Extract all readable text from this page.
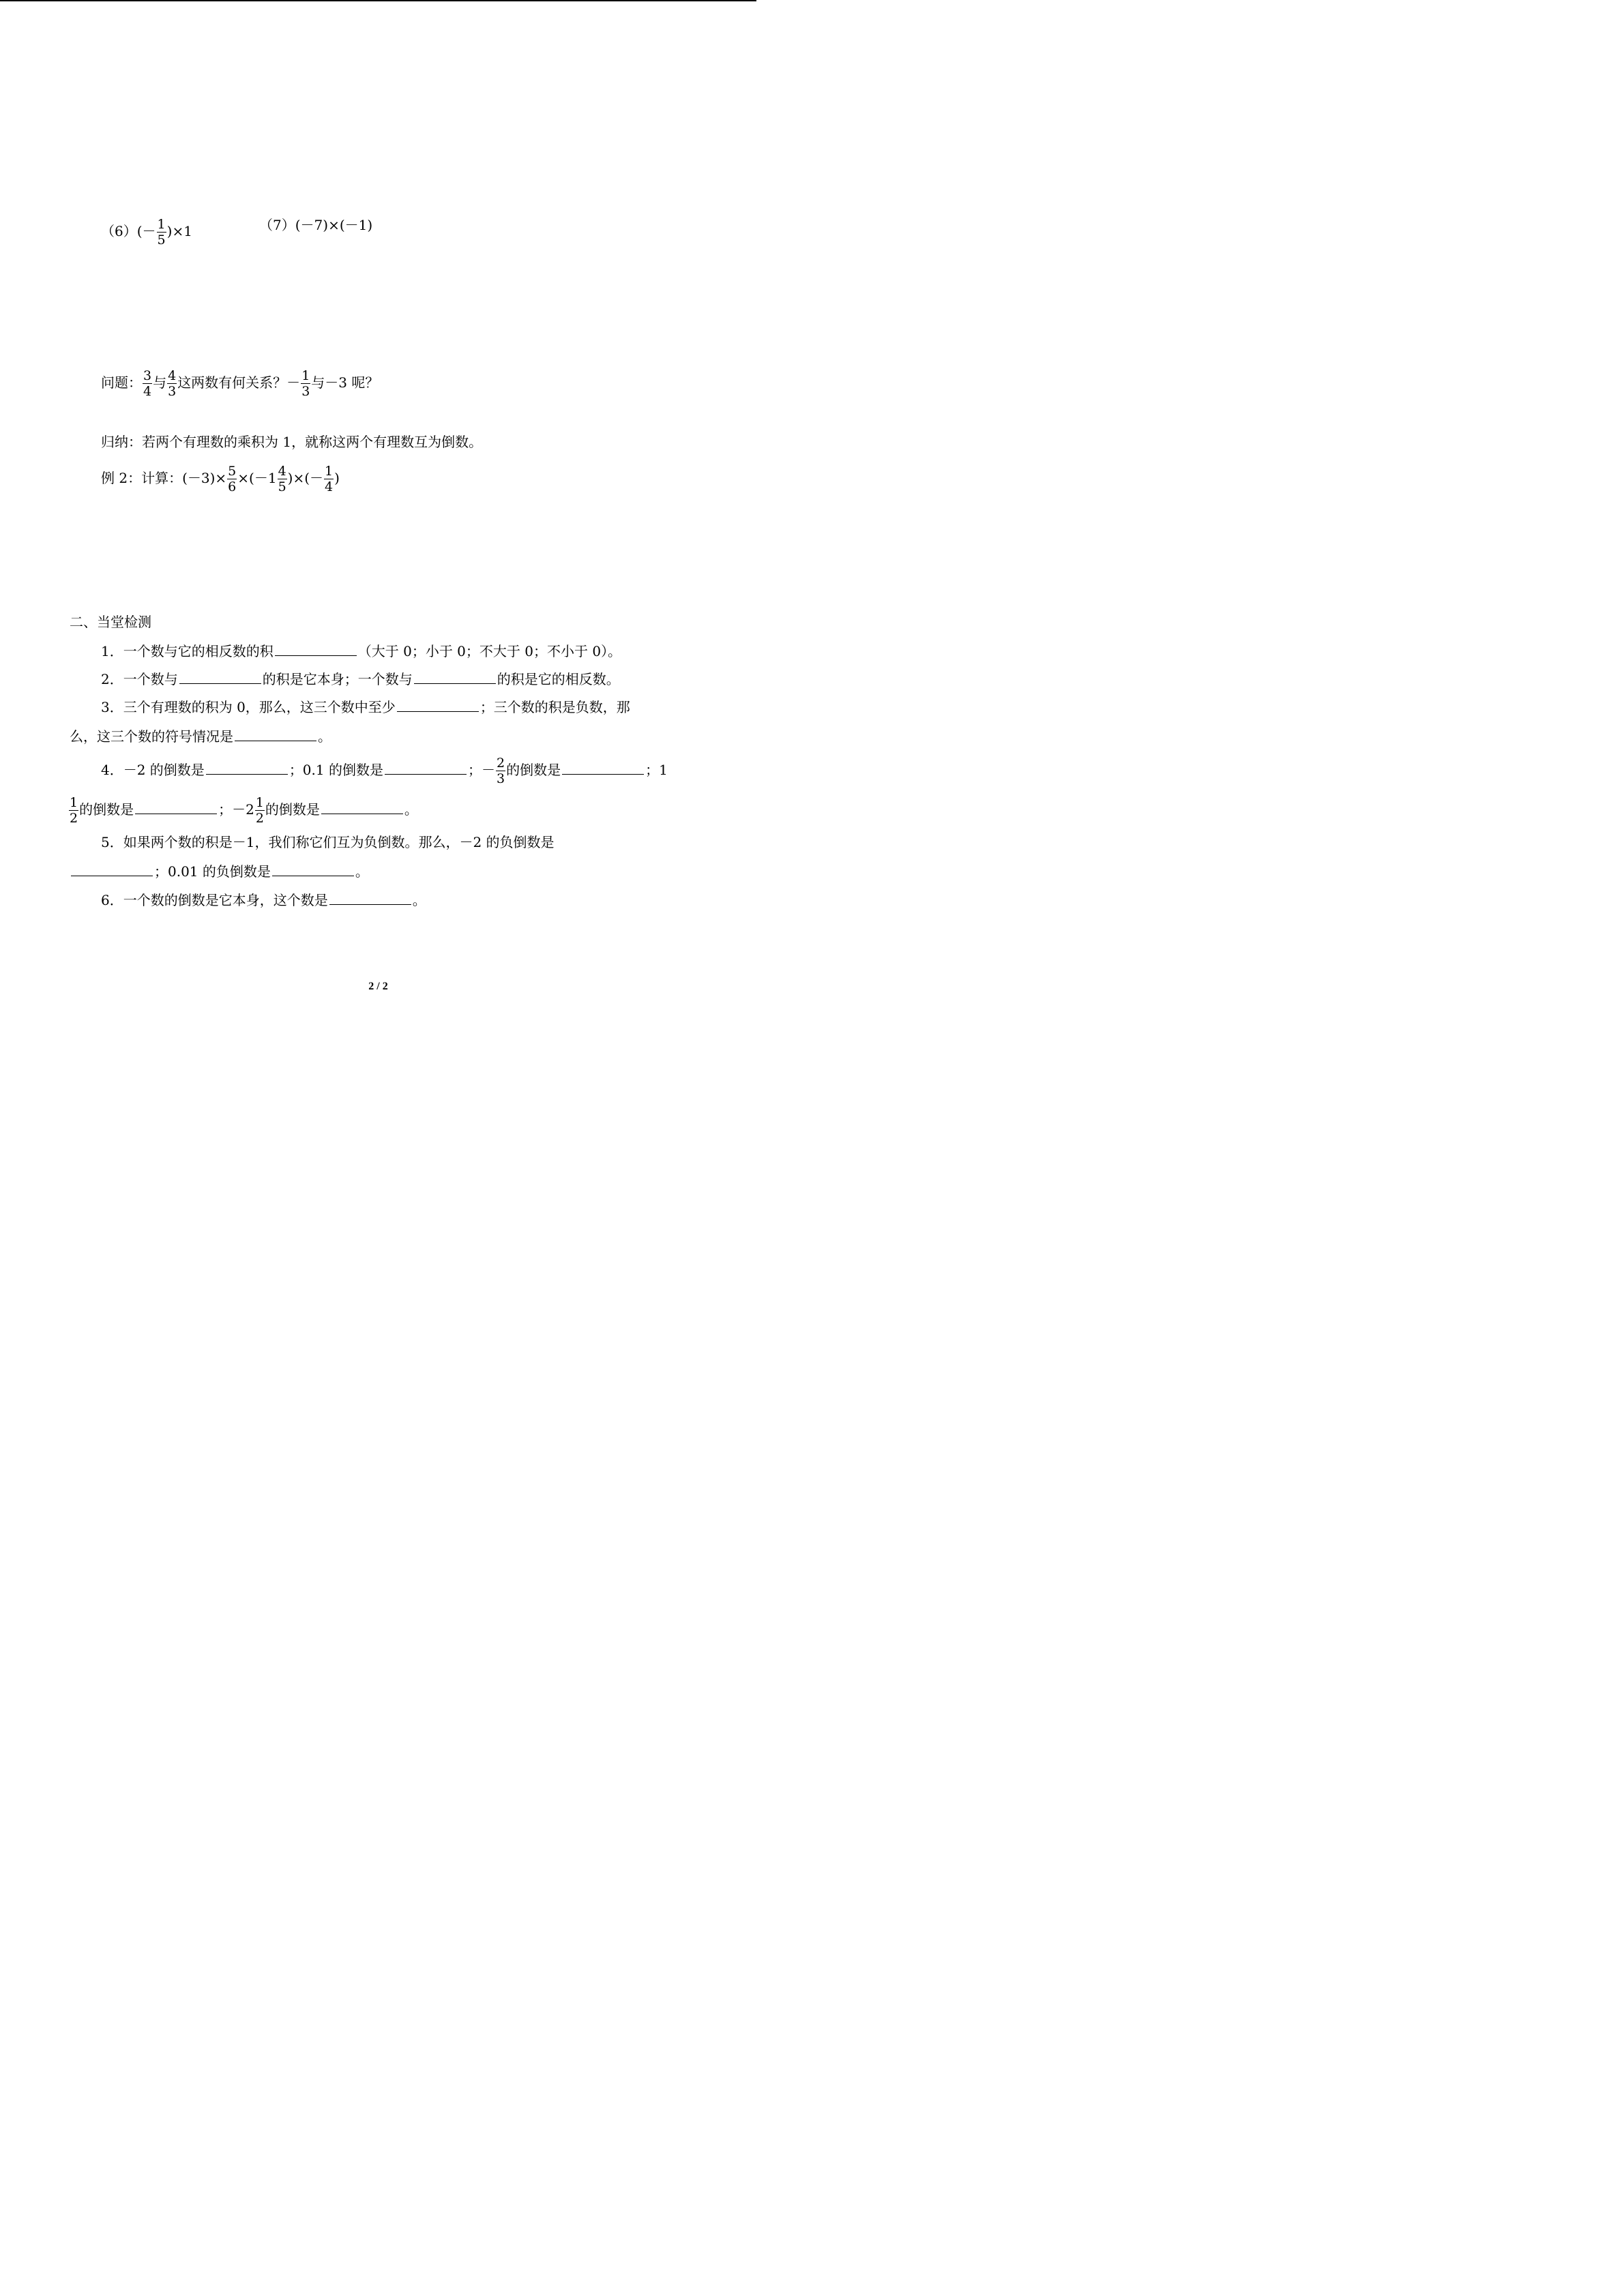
$(6)(- \frac{1}{5} )\times 1$	（7）(－7)×(－1)
问题： $\frac{3}{4}$ 与 $\frac{4}{3}$ 这两数有何关系？－ $\frac{1}{3}$ 与－3 呢？
归纳：若两个有理数的乘积为 1，就称这两个有理数互为倒数。
例 2：计算：$(-3)\times \frac{5}{6} \times(-1 \frac{4}{5}$ )×(－ $\frac{1}{4}$ )
二、当堂检测
1．一个数与它的相反数的积	（大于 0；小于 0；不大于 0；不小于 0）。
2．一个数与	的积是它本身；一个数与	的积是它的相反数。
3．三个有理数的积为 0，那么，这三个数中至少	；三个数的积是负数，那
么，这三个数的符号情况是	。
4．－2 的倒数是	；0.1 的倒数是	；－ $\frac{2}{3}$ 的倒数是	；1
$\frac{1}{2}$ 的倒数是	；$-2 \frac{1}{2}$ 的倒数是	。
5．如果两个数的积是－1，我们称它们互为负倒数。那么，－2 的负倒数是
；0.01 的负倒数是	。
6．一个数的倒数是它本身，这个数是	。
2 / 2
